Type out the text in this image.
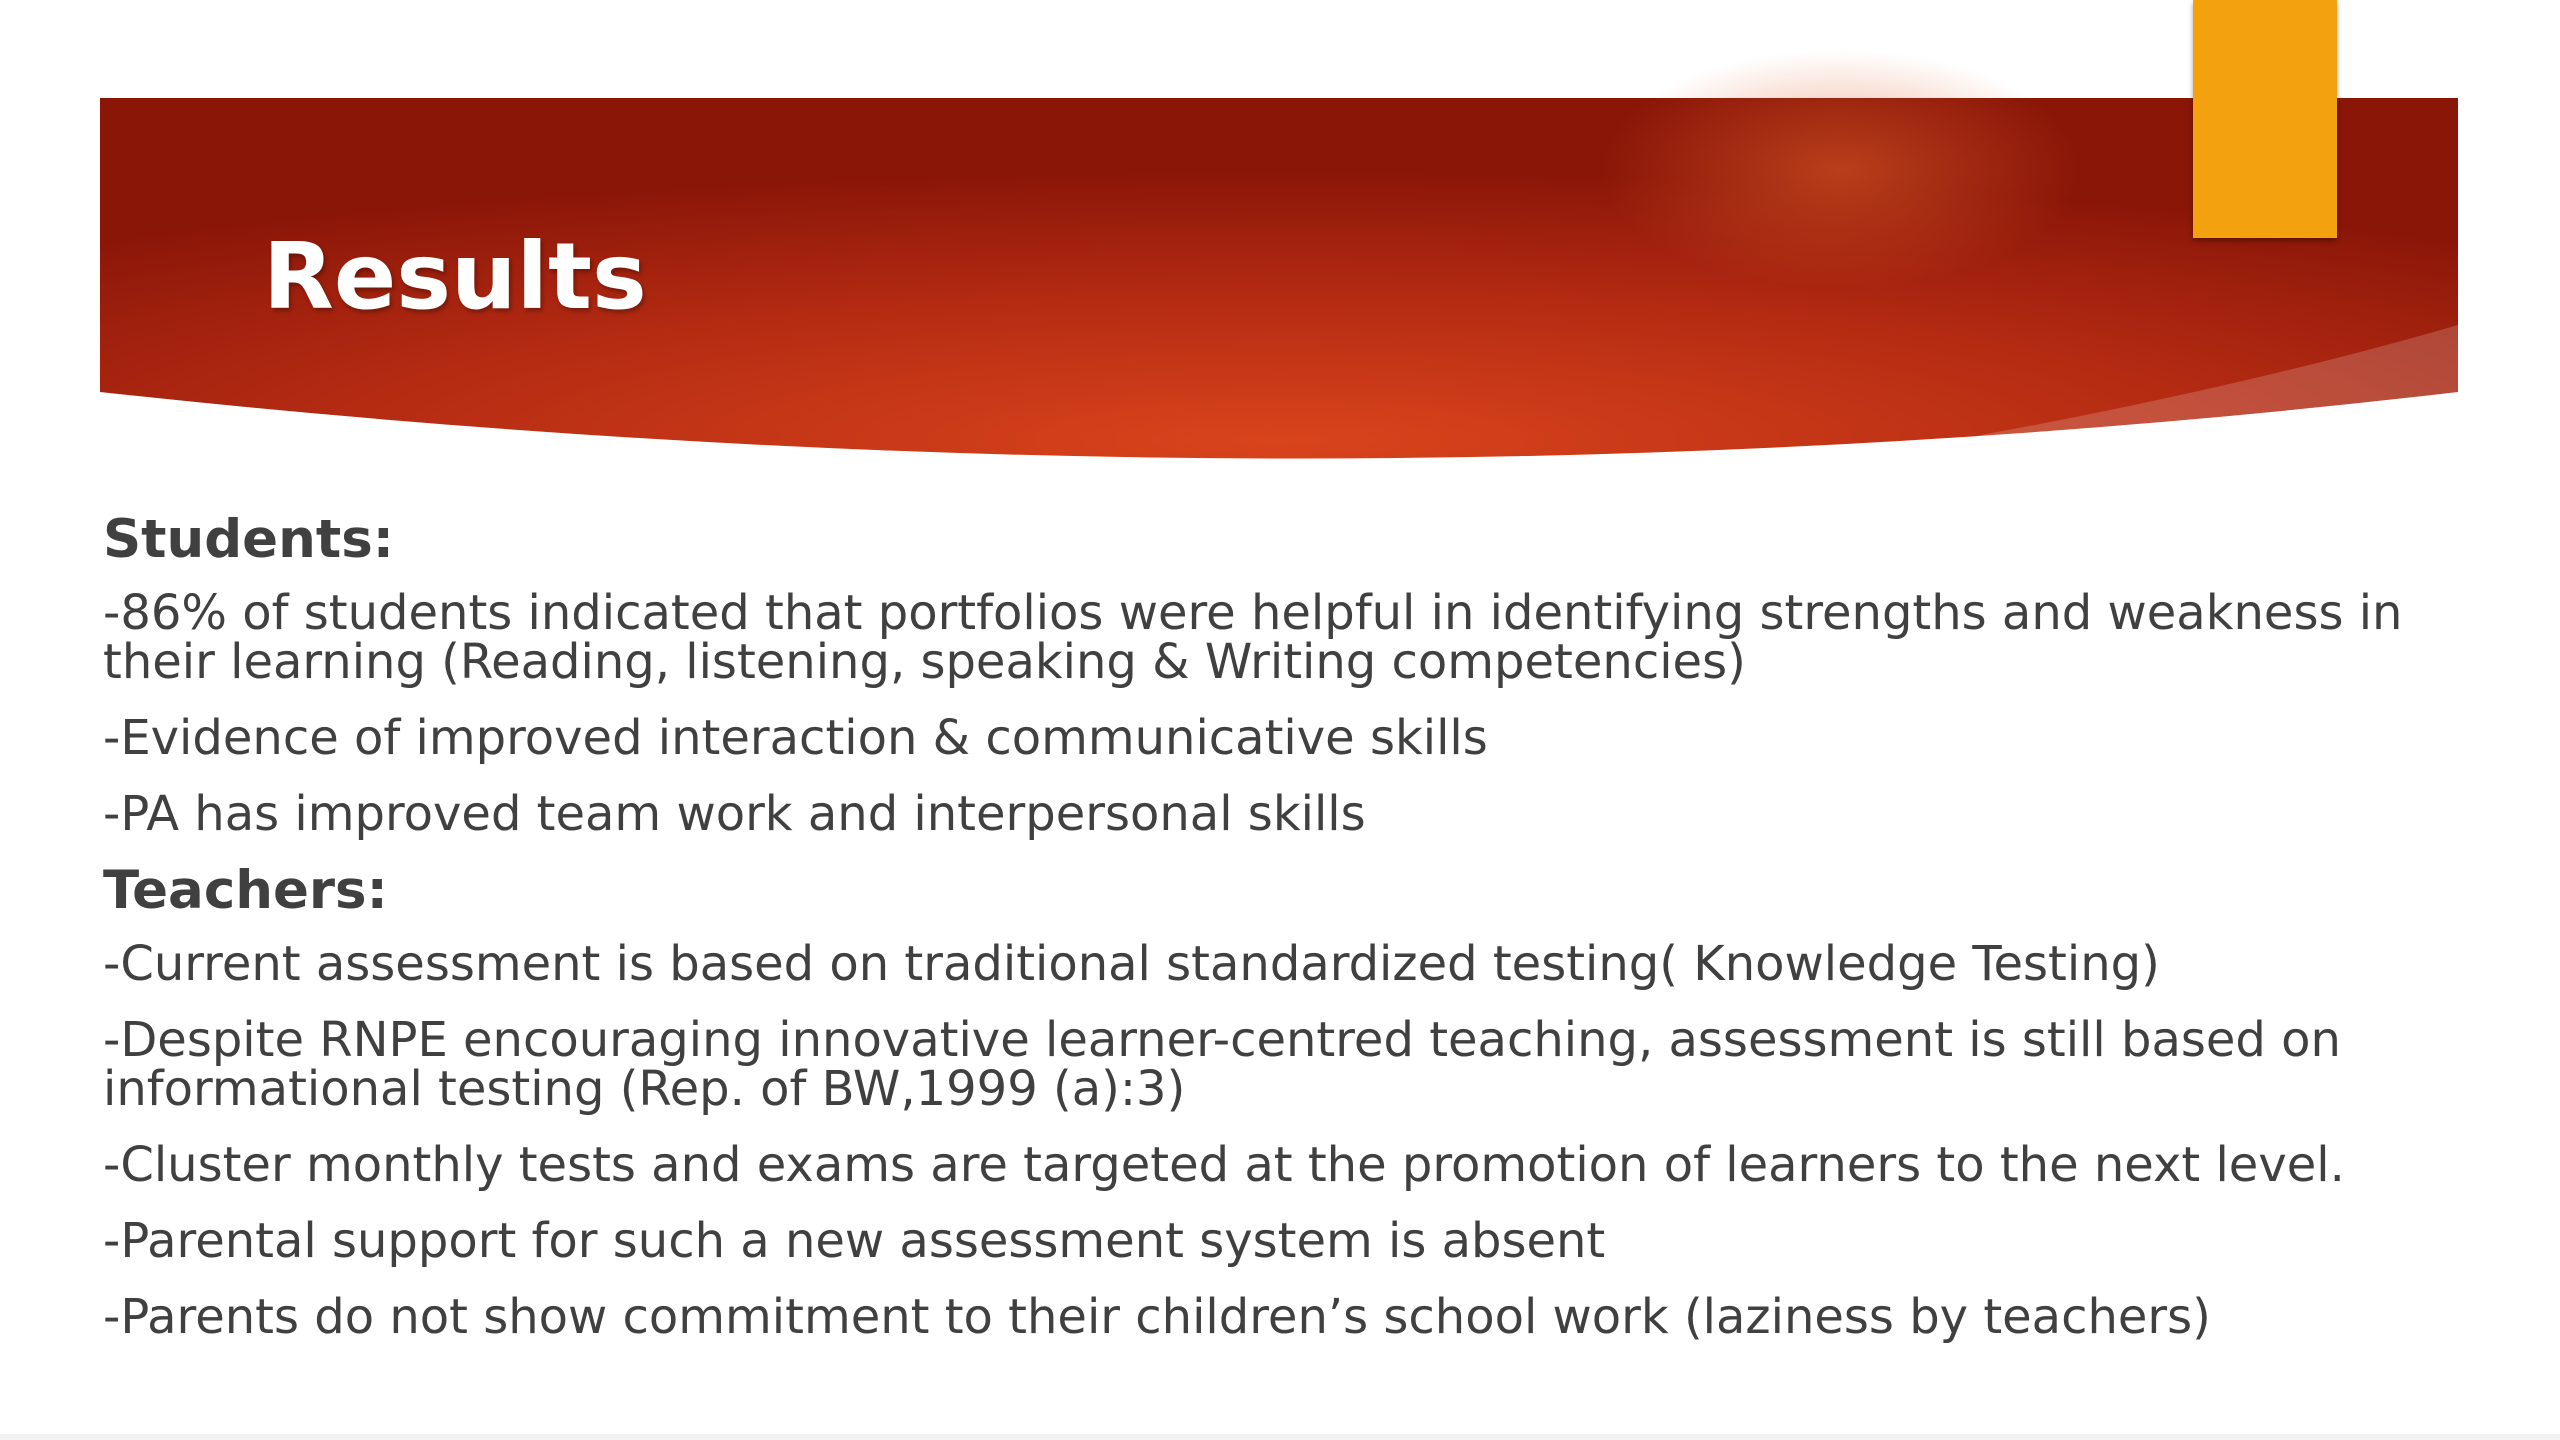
Results
Students:
-86% of students indicated that portfolios were helpful in identifying strengths and weakness in
their learning (Reading, listening, speaking & Writing competencies)
-Evidence of improved interaction & communicative skills
-PA has improved team work and interpersonal skills
Teachers:
-Current assessment is based on traditional standardized testing( Knowledge Testing)
-Despite RNPE encouraging innovative learner-centred teaching, assessment is still based on
informational testing (Rep. of BW,1999 (a):3)
-Cluster monthly tests and exams are targeted at the promotion of learners to the next level.
-Parental support for such a new assessment system is absent
-Parents do not show commitment to their children’s school work (laziness by teachers)
